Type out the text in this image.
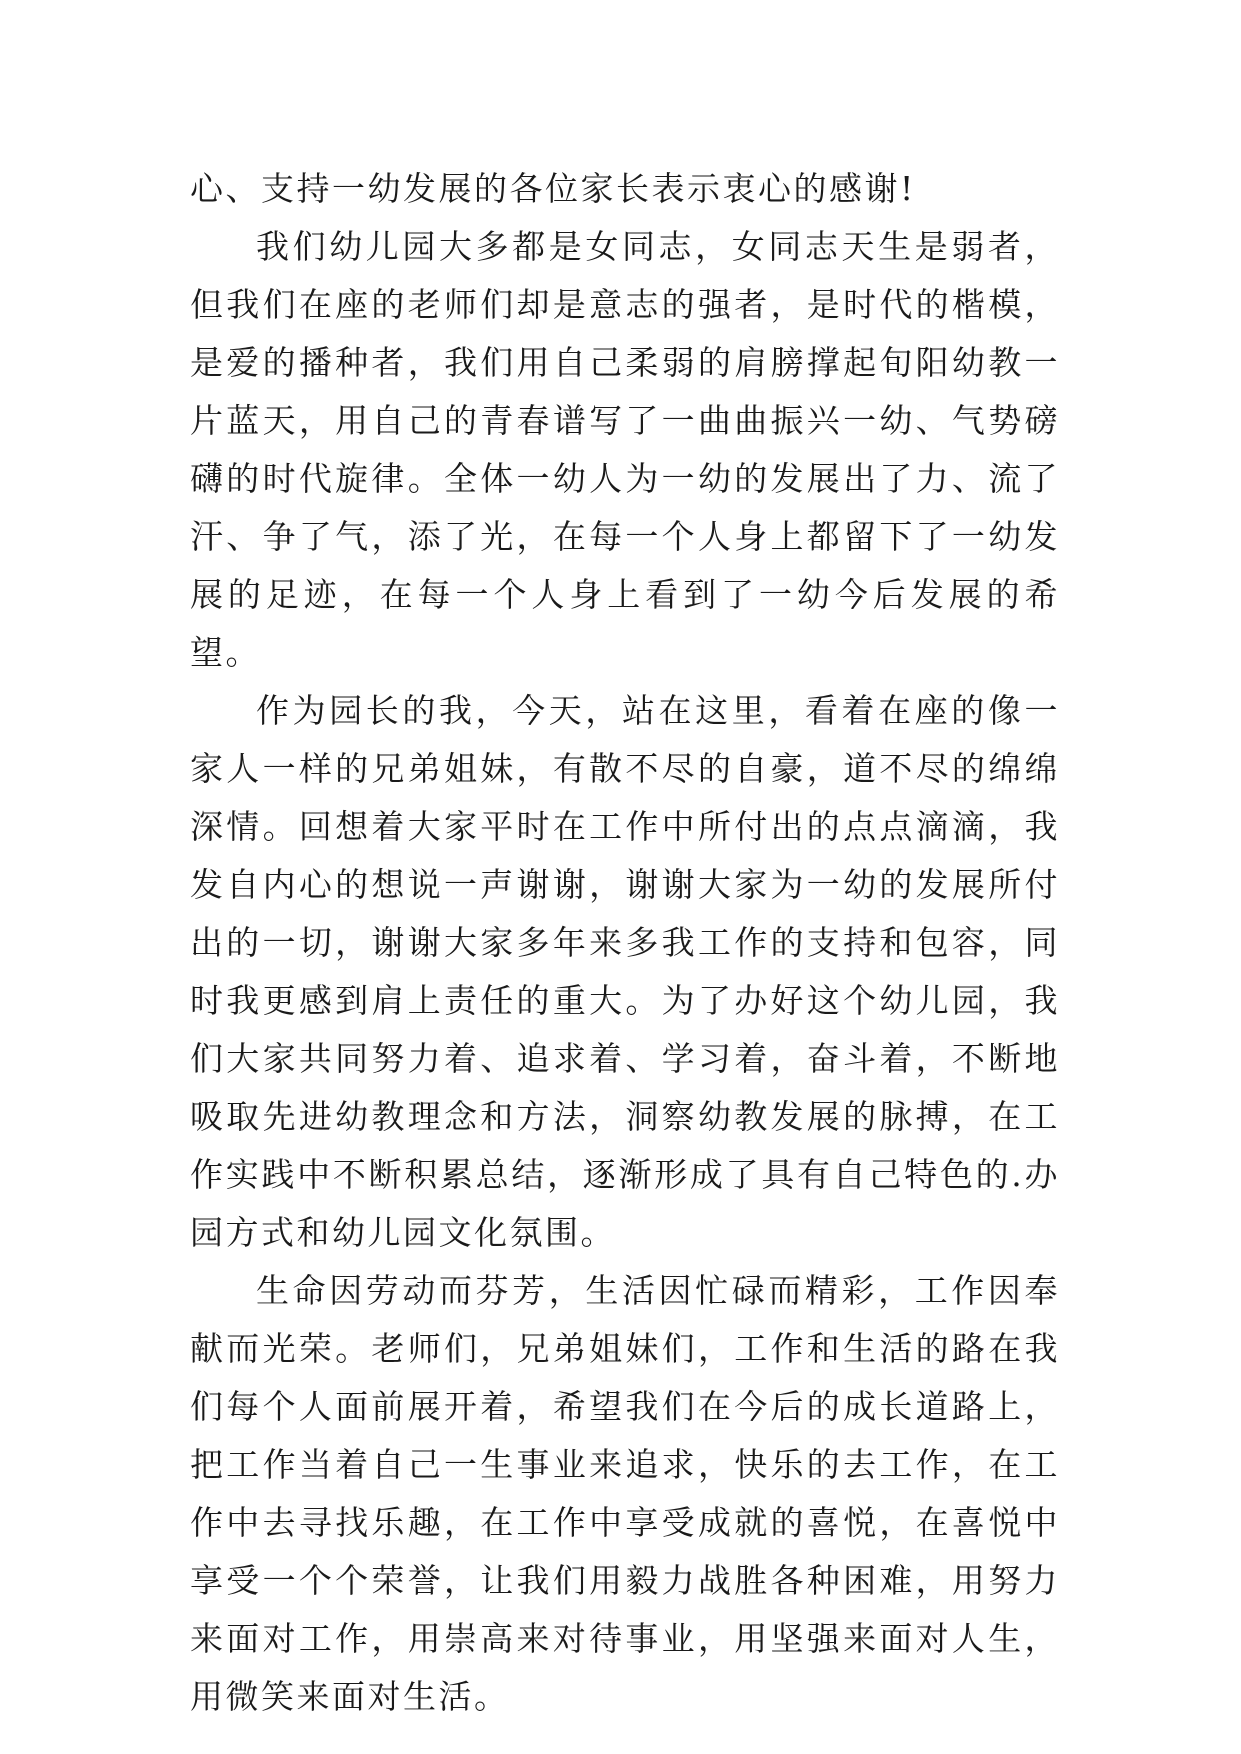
心、支持一幼发展的各位家长表示衷心的感谢!

我们幼儿园大多都是女同志，女同志天生是弱者，但我们在座的老师们却是意志的强者，是时代的楷模，是爱的播种者，我们用自己柔弱的肩膀撑起旬阳幼教一片蓝天，用自己的青春谱写了一曲曲振兴一幼、气势磅礴的时代旋律。全体一幼人为一幼的发展出了力、流了汗、争了气，添了光，在每一个人身上都留下了一幼发展的足迹，在每一个人身上看到了一幼今后发展的希望。

作为园长的我，今天，站在这里，看着在座的像一家人一样的兄弟姐妹，有散不尽的自豪，道不尽的绵绵深情。回想着大家平时在工作中所付出的点点滴滴，我发自内心的想说一声谢谢，谢谢大家为一幼的发展所付出的一切，谢谢大家多年来多我工作的支持和包容，同时我更感到肩上责任的重大。为了办好这个幼儿园，我们大家共同努力着、追求着、学习着，奋斗着，不断地吸取先进幼教理念和方法，洞察幼教发展的脉搏，在工作实践中不断积累总结，逐渐形成了具有自己特色的.办园方式和幼儿园文化氛围。

生命因劳动而芬芳，生活因忙碌而精彩，工作因奉献而光荣。老师们，兄弟姐妹们，工作和生活的路在我们每个人面前展开着，希望我们在今后的成长道路上，把工作当着自己一生事业来追求，快乐的去工作，在工作中去寻找乐趣，在工作中享受成就的喜悦，在喜悦中享受一个个荣誉，让我们用毅力战胜各种困难，用努力来面对工作，用崇高来对待事业，用坚强来面对人生，用微笑来面对生活。
